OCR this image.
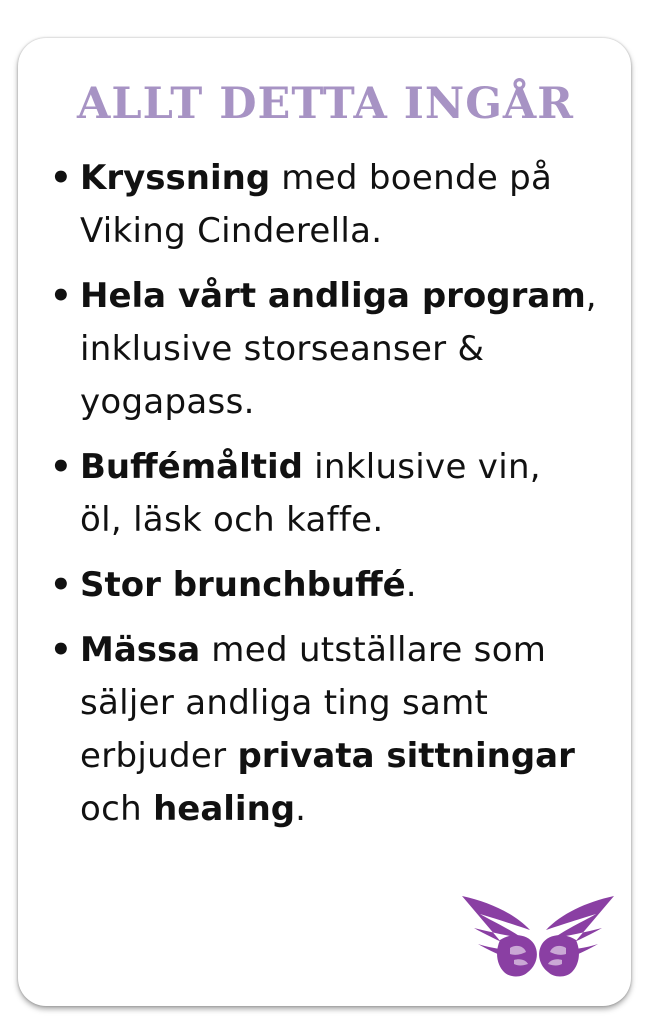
ALLT DETTA INGÅR
• Kryssning med boende på
Viking Cinderella.
• Hela vårt andliga program,
inklusive storseanser &
yogapass.
• Buffémåltid inklusive vin,
öl, läsk och kaffe.
• Stor brunchbuffé.
• Mässa med utställare som
säljer andliga ting samt
erbjuder privata sittningar
och healing.
